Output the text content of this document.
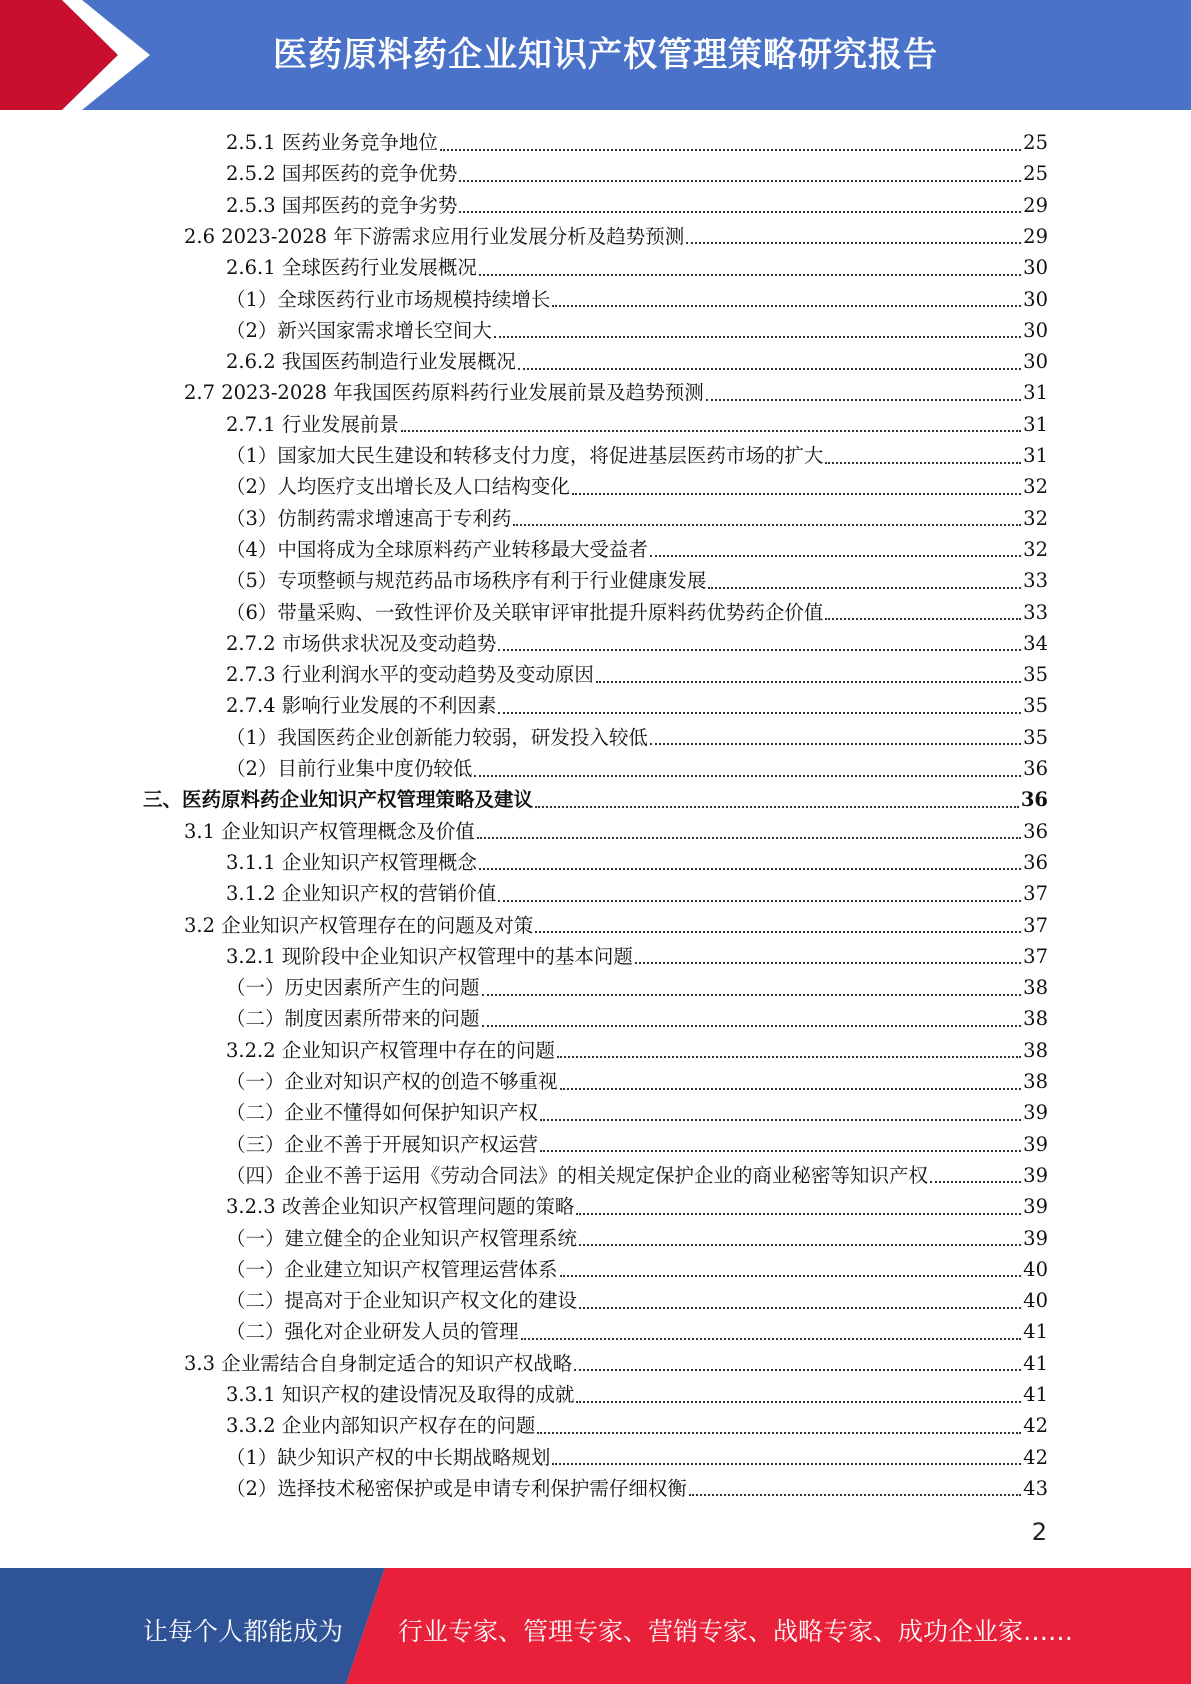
医药原料药企业知识产权管理策略研究报告
2.5.1 医药业务竞争地位	25
2.5.2 国邦医药的竞争优势	25
2.5.3 国邦医药的竞争劣势	29
2.6 2023-2028 年下游需求应用行业发展分析及趋势预测	29
2.6.1 全球医药行业发展概况	30
（1）全球医药行业市场规模持续增长	30
（2）新兴国家需求增长空间大	30
2.6.2 我国医药制造行业发展概况	30
2.7 2023-2028 年我国医药原料药行业发展前景及趋势预测	31
2.7.1 行业发展前景	31
（1）国家加大民生建设和转移支付力度，将促进基层医药市场的扩大	31
（2）人均医疗支出增长及人口结构变化	32
（3）仿制药需求增速高于专利药	32
（4）中国将成为全球原料药产业转移最大受益者	32
（5）专项整顿与规范药品市场秩序有利于行业健康发展	33
（6）带量采购、一致性评价及关联审评审批提升原料药优势药企价值	33
2.7.2 市场供求状况及变动趋势	34
2.7.3 行业利润水平的变动趋势及变动原因	35
2.7.4 影响行业发展的不利因素	35
（1）我国医药企业创新能力较弱，研发投入较低	35
（2）目前行业集中度仍较低	36
三、医药原料药企业知识产权管理策略及建议	36
3.1 企业知识产权管理概念及价值	36
3.1.1 企业知识产权管理概念	36
3.1.2 企业知识产权的营销价值	37
3.2 企业知识产权管理存在的问题及对策	37
3.2.1 现阶段中企业知识产权管理中的基本问题	37
（一）历史因素所产生的问题	38
（二）制度因素所带来的问题	38
3.2.2 企业知识产权管理中存在的问题	38
（一）企业对知识产权的创造不够重视	38
（二）企业不懂得如何保护知识产权	39
（三）企业不善于开展知识产权运营	39
（四）企业不善于运用《劳动合同法》的相关规定保护企业的商业秘密等知识产权	39
3.2.3 改善企业知识产权管理问题的策略	39
（一）建立健全的企业知识产权管理系统	39
（一）企业建立知识产权管理运营体系	40
（二）提高对于企业知识产权文化的建设	40
（二）强化对企业研发人员的管理	41
3.3 企业需结合自身制定适合的知识产权战略	41
3.3.1 知识产权的建设情况及取得的成就	41
3.3.2 企业内部知识产权存在的问题	42
（1）缺少知识产权的中长期战略规划	42
（2）选择技术秘密保护或是申请专利保护需仔细权衡	43
2
让每个人都能成为 行业专家、管理专家、营销专家、战略专家、成功企业家……
